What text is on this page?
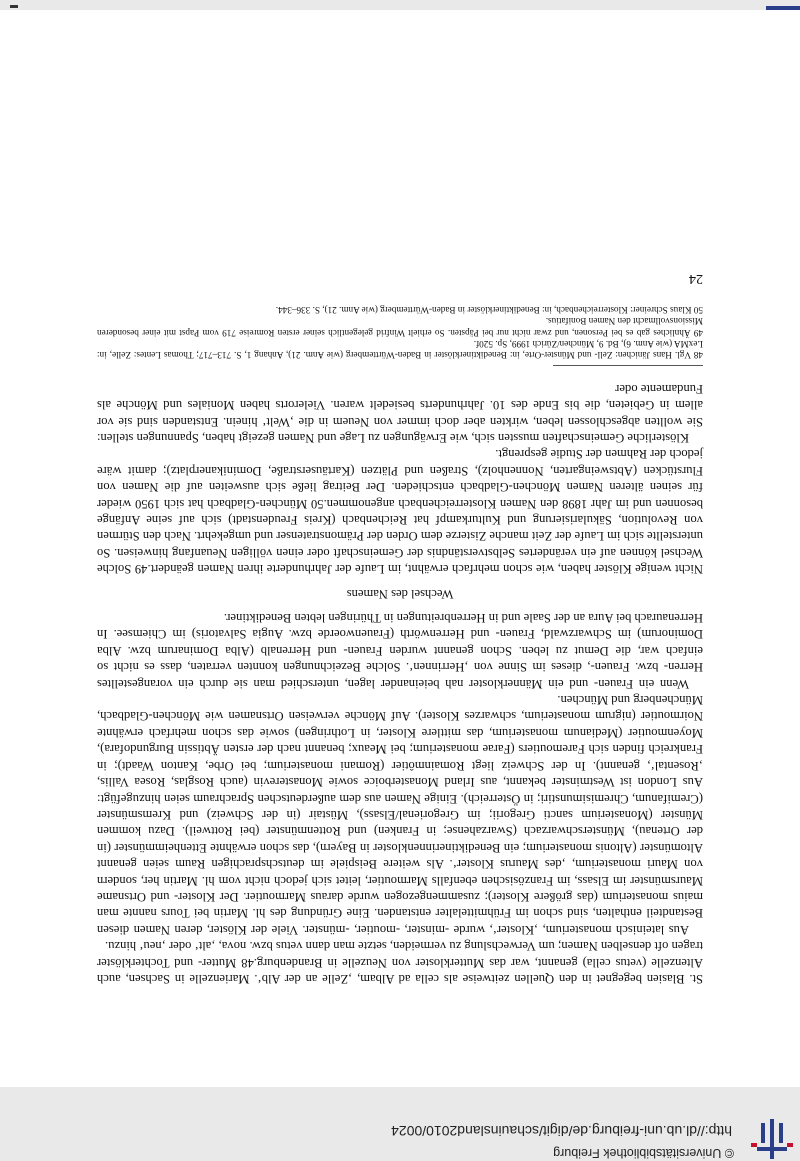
© Universitätsbibliothek Freiburg
http://dl.ub.uni-freiburg.de/digit/schauinsland2010/0024
24

St. Blasien begegnet in den Quellen zeitweise als cella ad Albam, ‚Zelle an der Alb‘. Marienzelle in Sachsen, auch Altenzelle (vetus cella) genannt, war das Mutterkloster von Neuzelle in Brandenburg.48 Mutter- und Tochterklöster tragen oft denselben Namen; um Verwechslung zu vermeiden, setzte man dann vetus bzw. nova, ‚alt‘ oder ‚neu‘ hinzu.

Aus lateinisch monasterium, ‚Kloster‘, wurde -minster, -moutier, -münster. Viele der Klöster, deren Namen diesen Bestandteil enthalten, sind schon im Frühmittelalter entstanden. Eine Gründung des hl. Martin bei Tours nannte man maius monasterium (das größere Kloster); zusammengezogen wurde daraus Marmoutier. Der Kloster- und Ortsname Maursmünster im Elsass, im Französischen ebenfalls Marmoutier, leitet sich jedoch nicht vom hl. Martin her, sondern von Mauri monasterium, ‚des Maurus Kloster‘. Als weitere Beispiele im deutschsprachigen Raum seien genannt Altomünster (Altonis monasterium; ein Benediktinerinnenkloster in Bayern), das schon erwähnte Ettenheimmünster (in der Ortenau), Münsterschwarzach (Swarzahense; in Franken) und Rottenmünster (bei Rottweil). Dazu kommen Münster (Monasterium sancti Gregorii; im Gregorienal/Elsass), Müstair (in der Schweiz) und Kremsmünster (Cremifanum, Chremisimunstiri; in Österreich). Einige Namen aus dem außerdeutschen Sprachraum seien hinzugefügt: Aus London ist Westminster bekannt, aus Irland Monasterboice sowie Monasterevin (auch Rosglas, Rosea Vallis, ‚Rosental‘, genannt). In der Schweiz liegt Romainmôtier (Romani monasterium; bei Orbe, Kanton Waadt); in Frankreich finden sich Faremoutiers (Farae monasterium; bei Meaux; benannt nach der ersten Äbtissin Burgundofara), Moyenmoutier (Medianum monasterium, das mittlere Kloster, in Lothringen) sowie das schon mehrfach erwähnte Noirmoutier (nigrum monasterium, schwarzes Kloster). Auf Mönche verweisen Ortsnamen wie Mönchen-Gladbach, Münchenberg und München.

Wenn ein Frauen- und ein Männerkloster nah beieinander lagen, unterschied man sie durch ein vorangestelltes Herren- bzw. Frauen-, dieses im Sinne von ‚Herrinnen‘. Solche Bezeichnungen konnten verraten, dass es nicht so einfach war, die Demut zu leben. Schon genannt wurden Frauen- und Herrenalb (Alba Dominarum bzw. Alba Dominorum) im Schwarzwald, Frauen- und Herrenwörth (Frauenwoerde bzw. Augia Salvatoris) im Chiemsee. In Herrenaurach bei Aura an der Saale und in Herrenbreitungen in Thüringen lebten Benediktiner.

Wechsel des Namens

Nicht wenige Klöster haben, wie schon mehrfach erwähnt, im Laufe der Jahrhunderte ihren Namen geändert.49 Solche Wechsel können auf ein verändertes Selbstverständnis der Gemeinschaft oder einen völligen Neuanfang hinweisen. So unterstellte sich im Laufe der Zeit manche Zisterze dem Orden der Prämonstratenser und umgekehrt. Nach den Stürmen von Revolution, Säkularisierung und Kulturkampf hat Reichenbach (Kreis Freudenstadt) sich auf seine Anfänge besonnen und im Jahr 1898 den Namen Klosterreichenbach angenommen.50 München-Gladbach hat sich 1950 wieder für seinen älteren Namen Mönchen-Gladbach entschieden. Der Beitrag ließe sich ausweiten auf die Namen von Flurstücken (Abtsweingarten, Nonnenholz), Straßen und Plätzen (Kartäuserstraße, Dominikanerplatz); damit wäre jedoch der Rahmen der Studie gesprengt.

Klösterliche Gemeinschaften mussten sich, wie Erwägungen zu Lage und Namen gezeigt haben, Spannungen stellen: Sie wollten abgeschlossen leben, wirkten aber doch immer von Neuem in die ‚Welt‘ hinein. Entstanden sind sie vor allem in Gebieten, die bis Ende des 10. Jahrhunderts besiedelt waren. Vielerorts haben Moniales und Mönche als Fundamente oder

48 Vgl. Hans Jänichen: Zell- und Münster-Orte, in: Benediktinerklöster in Baden-Württemberg (wie Anm. 21), Anhang 1, S. 713–717; Thomas Lentes: Zelle, in: LexMA (wie Anm. 6), Bd. 9, München/Zürich 1999, Sp. 520f.

49 Ähnliches gab es bei Personen, und zwar nicht nur bei Päpsten. So erhielt Winfrid gelegentlich seiner ersten Romreise 719 vom Papst mit einer besonderen Missionsvollmacht den Namen Bonifatius.

50 Klaus Schreiner: Klosterreichenbach, in: Benediktinerklöster in Baden-Württemberg (wie Anm. 21), S. 336–344.
